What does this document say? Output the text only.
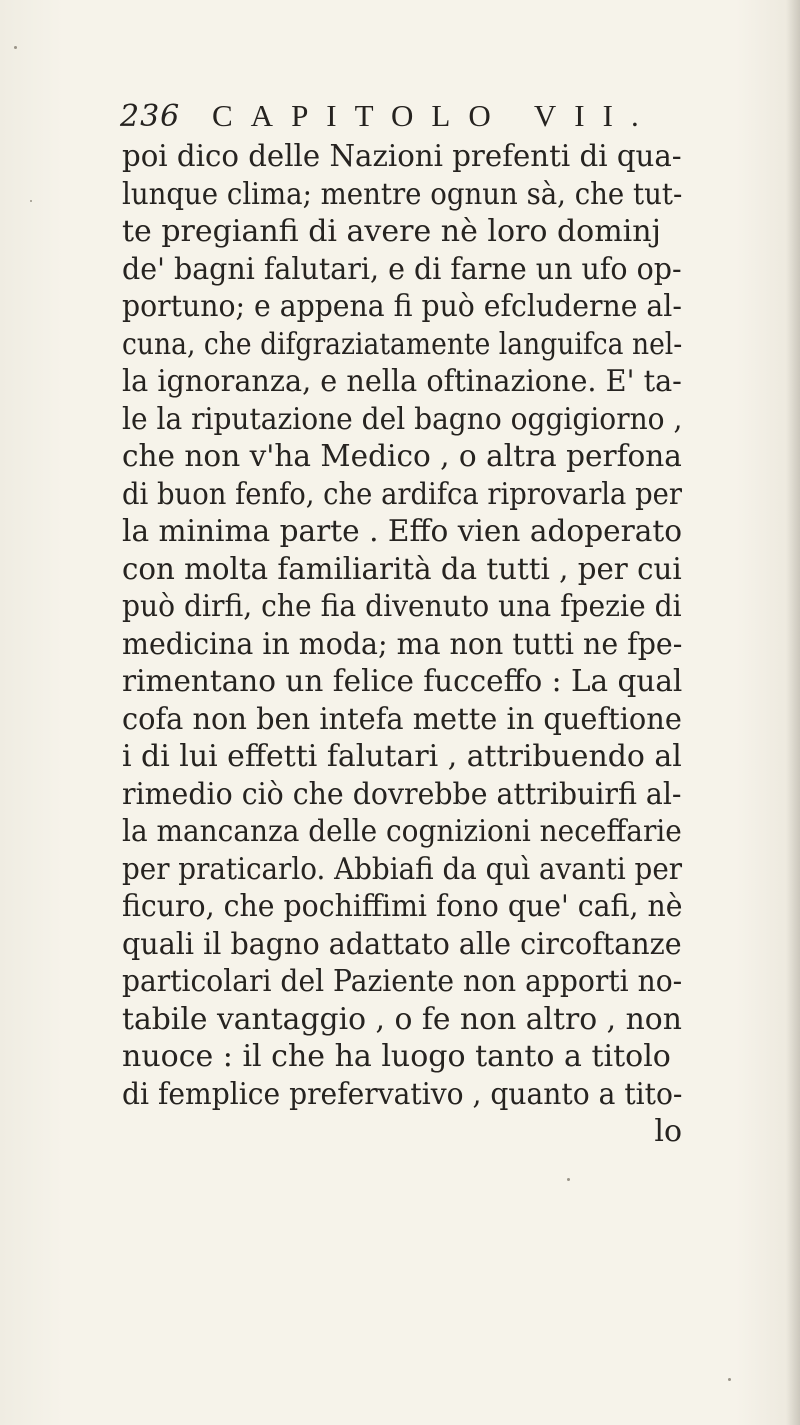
236	CAPITOLO VII.
poi dico delle Nazioni prefenti di qua-
lunque clima; mentre ognun sà, che tut-
te pregianfi di avere nè loro dominj
de' bagni falutari, e di farne un ufo op-
portuno; e appena fi può efcluderne al-
cuna, che difgraziatamente languifca nel-
la ignoranza, e nella oftinazione. E' ta-
le la riputazione del bagno oggigiorno ,
che non v'ha Medico , o altra perfona
di buon fenfo, che ardifca riprovarla per
la minima parte . Effo vien adoperato
con molta familiarità da tutti , per cui
può dirfi, che fia divenuto una fpezie di
medicina in moda; ma non tutti ne fpe-
rimentano un felice fucceffo : La qual
cofa non ben intefa mette in queftione
i di lui effetti falutari , attribuendo al
rimedio ciò che dovrebbe attribuirfi al-
la mancanza delle cognizioni neceffarie
per praticarlo. Abbiafi da quì avanti per
ficuro, che pochiffimi fono que' cafi, nè
quali il bagno adattato alle circoftanze
particolari del Paziente non apporti no-
tabile vantaggio , o fe non altro , non
nuoce : il che ha luogo tanto a titolo
di femplice prefervativo , quanto a tito-
lo
